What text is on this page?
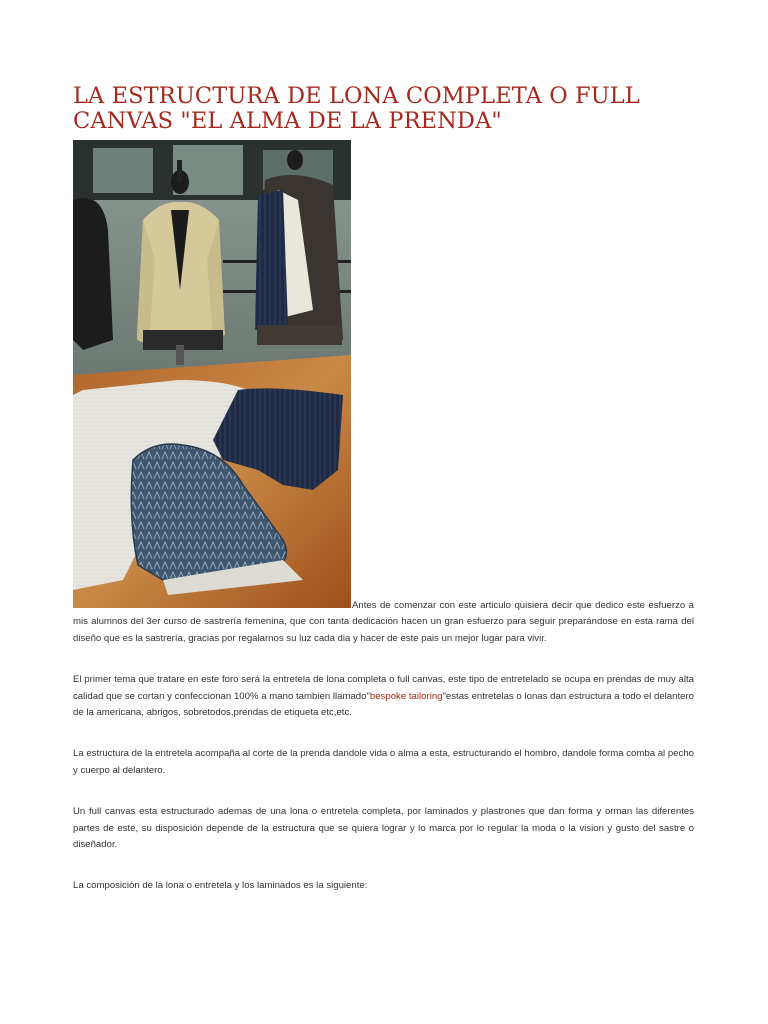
LA ESTRUCTURA DE LONA COMPLETA O FULL CANVAS "EL ALMA DE LA PRENDA"

Antes de comenzar con este articulo quisiera decir que dedico este esfuerzo a mis alumnos del 3er curso de sastrería femenina, que con tanta dedicación hacen un gran esfuerzo para seguir preparándose en esta rama del diseño que es la sastrería, gracias por regalarnos su luz cada dia y hacer de este pais un mejor lugar para vivir.

El primer tema que tratare en este foro será la entretela de lona completa o full canvas, este tipo de entretelado se ocupa en prendas de muy alta calidad que se cortan y confeccionan 100% a mano tambien llamado"bespoke tailoring"estas entretelas o lonas dan estructura a todo el delantero de la americana, abrigos, sobretodos,prendas de etiqueta etc,etc.

La estructura de la entretela acompaña al corte de la prenda dandole vida o alma a esta, estructurando el hombro, dandole forma comba al pecho y cuerpo al delantero.

Un full canvas esta estructurado ademas de una lona o entretela completa, por laminados y plastrones que dan forma y orman las diferentes partes de este, su disposición depende de la estructura que se quiera lograr y lo marca por lo regular la moda o la vision y gusto del sastre o diseñador.

La composición de la lona o entretela y los laminados es la siguiente:
